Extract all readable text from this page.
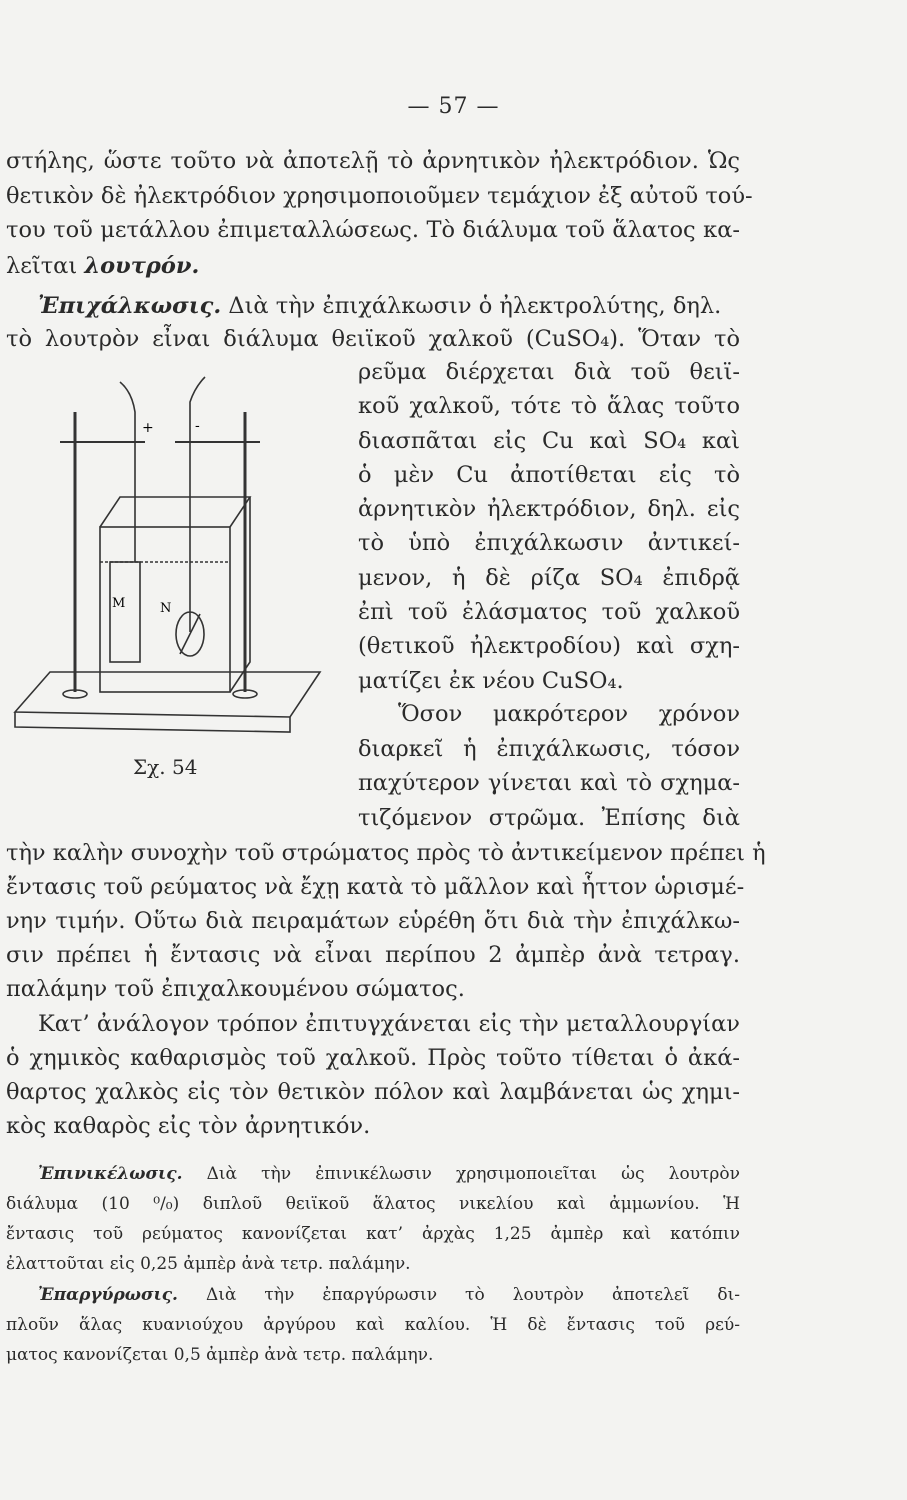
— 57 —
στήλης, ὥστε τοῦτο νὰ ἀποτελῇ τὸ ἀρνητικὸν ἠλεκτρόδιον. Ὡς
θετικὸν δὲ ἠλεκτρόδιον χρησιμοποιοῦμεν τεμάχιον ἐξ αὐτοῦ τού-
του τοῦ μετάλλου ἐπιμεταλλώσεως. Τὸ διάλυμα τοῦ ἅλατος κα-
λεῖται λουτρόν.
Ἐπιχάλκωσις. Διὰ τὴν ἐπιχάλκωσιν ὁ ἠλεκτρολύτης, δηλ.
τὸ λουτρὸν εἶναι διάλυμα θειϊκοῦ χαλκοῦ (CuSO₄). Ὅταν τὸ
ρεῦμα διέρχεται διὰ τοῦ θειϊ-
κοῦ χαλκοῦ, τότε τὸ ἅλας τοῦτο
διασπᾶται εἰς Cu καὶ SO₄ καὶ
ὁ μὲν Cu ἀποτίθεται εἰς τὸ
ἀρνητικὸν ἠλεκτρόδιον, δηλ. εἰς
τὸ ὑπὸ ἐπιχάλκωσιν ἀντικεί-
μενον, ἡ δὲ ρίζα SO₄ ἐπιδρᾷ
ἐπὶ τοῦ ἐλάσματος τοῦ χαλκοῦ
(θετικοῦ ἠλεκτροδίου) καὶ σχη-
ματίζει ἐκ νέου CuSO₄.
Ὅσον μακρότερον χρόνον
διαρκεῖ ἡ ἐπιχάλκωσις, τόσον
παχύτερον γίνεται καὶ τὸ σχημα-
τιζόμενον στρῶμα. Ἐπίσης διὰ
+	-
M	N
Σχ. 54
τὴν καλὴν συνοχὴν τοῦ στρώματος πρὸς τὸ ἀντικείμενον πρέπει ἡ
ἔντασις τοῦ ρεύματος νὰ ἔχῃ κατὰ τὸ μᾶλλον καὶ ἧττον ὡρισμέ-
νην τιμήν. Οὕτω διὰ πειραμάτων εὑρέθη ὅτι διὰ τὴν ἐπιχάλκω-
σιν πρέπει ἡ ἔντασις νὰ εἶναι περίπου 2 ἀμπὲρ ἀνὰ τετραγ.
παλάμην τοῦ ἐπιχαλκουμένου σώματος.
Κατ’ ἀνάλογον τρόπον ἐπιτυγχάνεται εἰς τὴν μεταλλουργίαν
ὁ χημικὸς καθαρισμὸς τοῦ χαλκοῦ. Πρὸς τοῦτο τίθεται ὁ ἀκά-
θαρτος χαλκὸς εἰς τὸν θετικὸν πόλον καὶ λαμβάνεται ὡς χημι-
κὸς καθαρὸς εἰς τὸν ἀρνητικόν.
Ἐπινικέλωσις. Διὰ τὴν ἐπινικέλωσιν χρησιμοποιεῖται ὡς λουτρὸν
διάλυμα (10 ⁰/₀) διπλοῦ θειϊκοῦ ἅλατος νικελίου καὶ ἀμμωνίου. Ἡ
ἔντασις τοῦ ρεύματος κανονίζεται κατ’ ἀρχὰς 1,25 ἀμπὲρ καὶ κατόπιν
ἐλαττοῦται εἰς 0,25 ἀμπὲρ ἀνὰ τετρ. παλάμην.
Ἐπαργύρωσις. Διὰ τὴν ἐπαργύρωσιν τὸ λουτρὸν ἀποτελεῖ δι-
πλοῦν ἅλας κυανιούχου ἀργύρου καὶ καλίου. Ἡ δὲ ἔντασις τοῦ ρεύ-
ματος κανονίζεται 0,5 ἀμπὲρ ἀνὰ τετρ. παλάμην.
